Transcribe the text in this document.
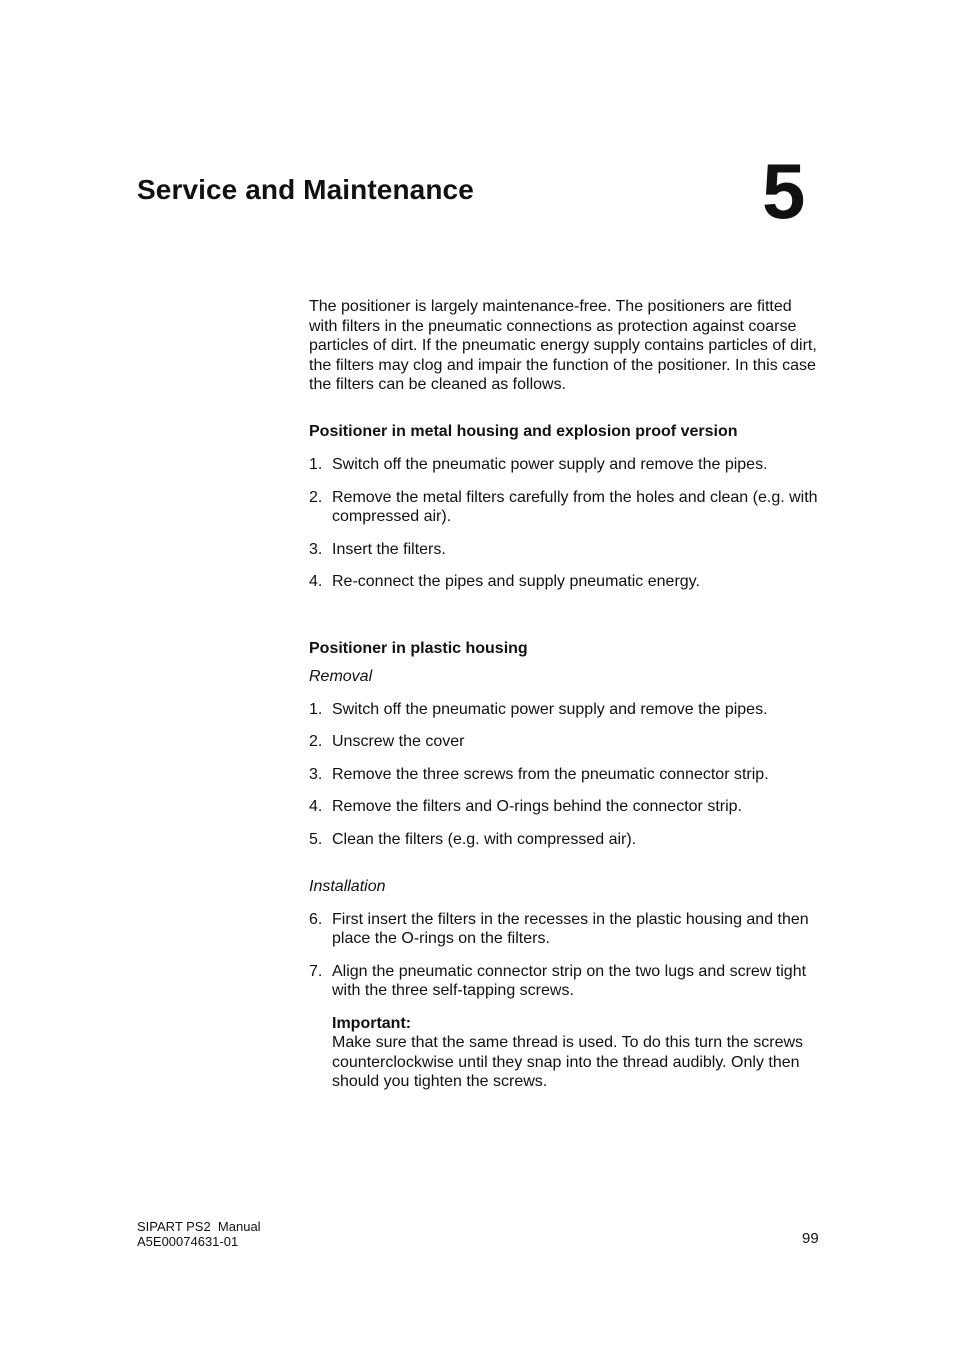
Service and Maintenance	5

The positioner is largely maintenance-free. The positioners are fitted with filters in the pneumatic connections as protection against coarse particles of dirt. If the pneumatic energy supply contains particles of dirt, the filters may clog and impair the function of the positioner. In this case the filters can be cleaned as follows.

Positioner in metal housing and explosion proof version

1. Switch off the pneumatic power supply and remove the pipes.
2. Remove the metal filters carefully from the holes and clean (e.g. with compressed air).
3. Insert the filters.
4. Re-connect the pipes and supply pneumatic energy.

Positioner in plastic housing

Removal

1. Switch off the pneumatic power supply and remove the pipes.
2. Unscrew the cover
3. Remove the three screws from the pneumatic connector strip.
4. Remove the filters and O-rings behind the connector strip.
5. Clean the filters (e.g. with compressed air).

Installation

6. First insert the filters in the recesses in the plastic housing and then place the O-rings on the filters.
7. Align the pneumatic connector strip on the two lugs and screw tight with the three self-tapping screws.

Important:

Make sure that the same thread is used. To do this turn the screws counterclockwise until they snap into the thread audibly. Only then should you tighten the screws.

SIPART PS2  Manual
A5E00074631-01	99
